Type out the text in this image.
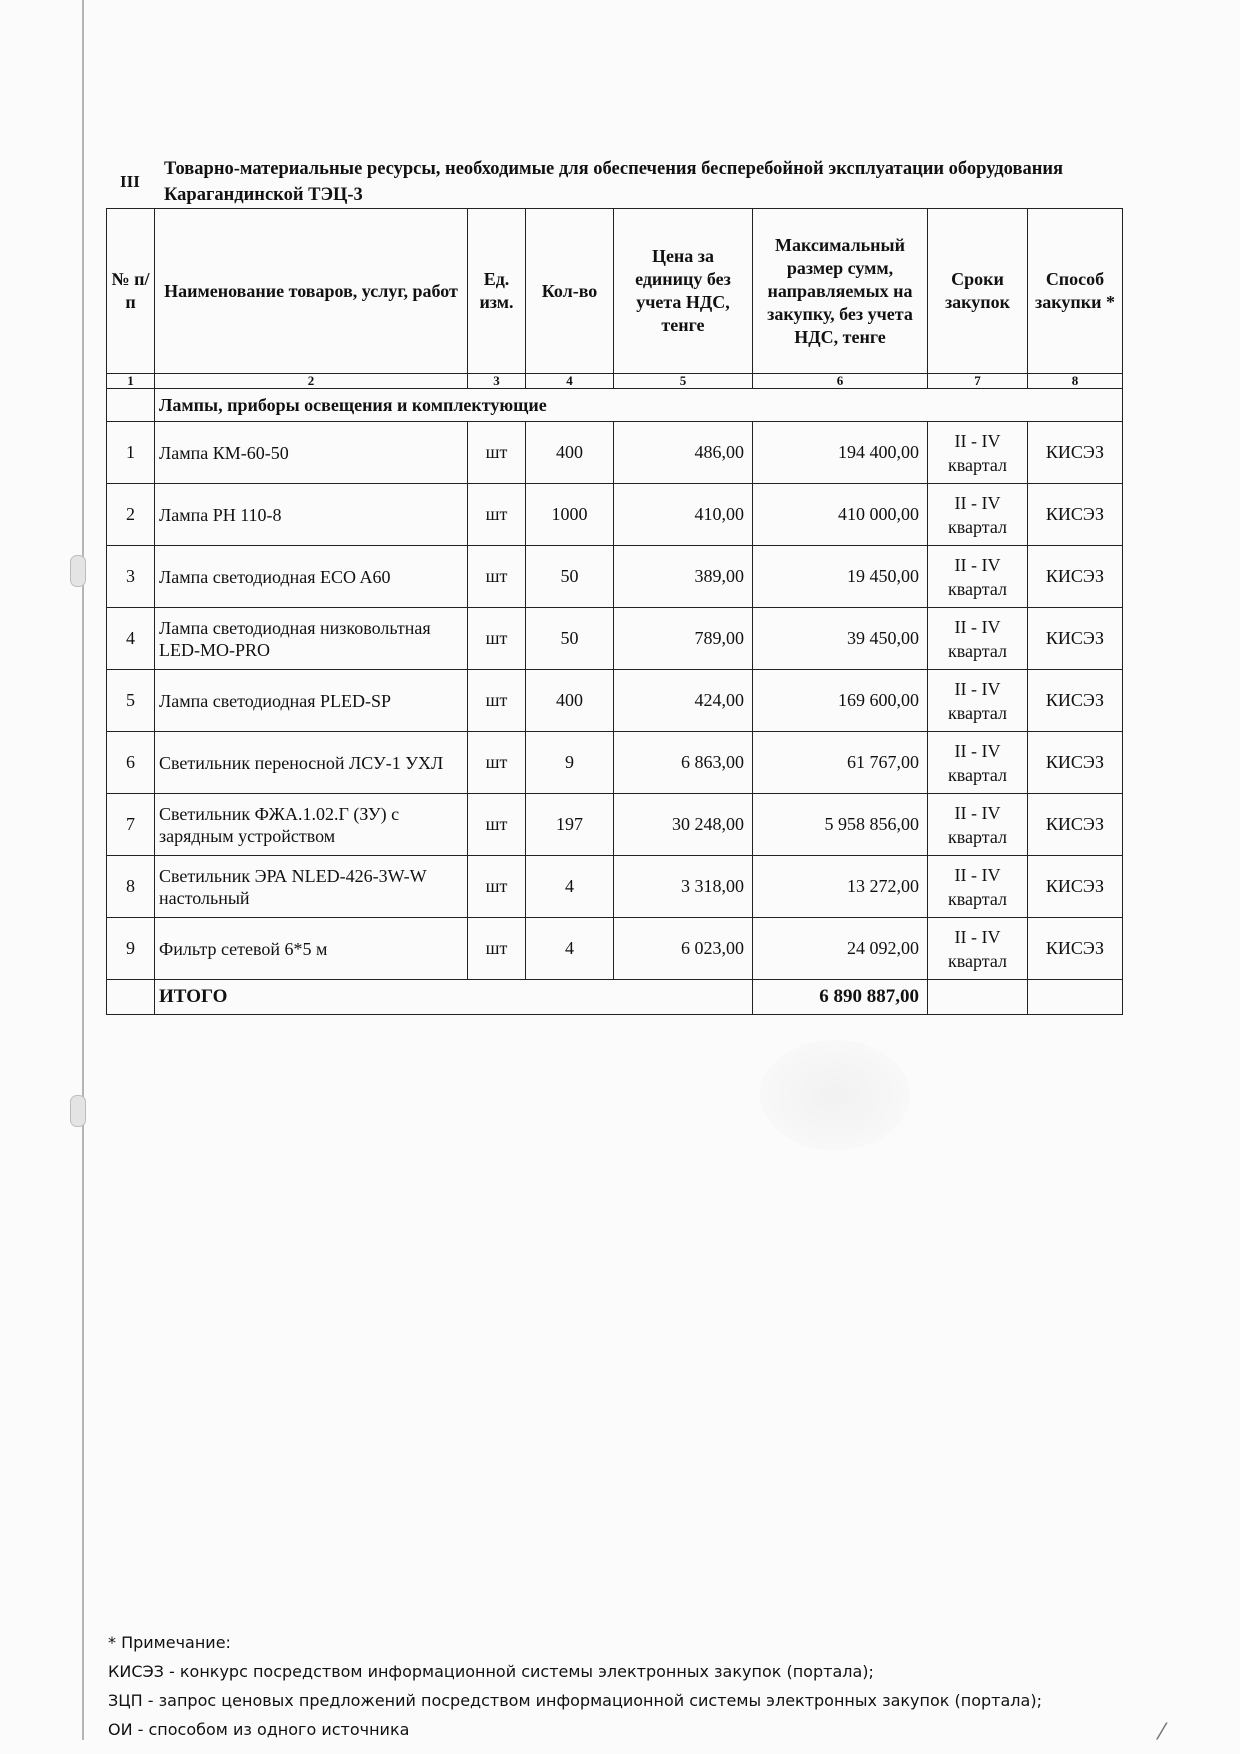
III
Товарно-материальные ресурсы, необходимые для обеспечения бесперебойной эксплуатации оборудования Карагандинской ТЭЦ-3
№ п/п	Наименование товаров, услуг, работ	Ед. изм.	Кол-во	Цена за единицу без учета НДС, тенге	Максимальный размер сумм, направляемых на закупку, без учета НДС, тенге	Сроки закупок	Способ закупки *
1	2	3	4	5	6	7	8
	Лампы, приборы освещения и комплектующие						
1	Лампа КМ-60-50	шт	400	486,00	194 400,00	II - IV квартал	КИСЭЗ
2	Лампа РН 110-8	шт	1000	410,00	410 000,00	II - IV квартал	КИСЭЗ
3	Лампа светодиодная ECO A60	шт	50	389,00	19 450,00	II - IV квартал	КИСЭЗ
4	Лампа светодиодная низковольтная LED-MO-PRO	шт	50	789,00	39 450,00	II - IV квартал	КИСЭЗ
5	Лампа светодиодная PLED-SP	шт	400	424,00	169 600,00	II - IV квартал	КИСЭЗ
6	Светильник переносной ЛСУ-1 УХЛ	шт	9	6 863,00	61 767,00	II - IV квартал	КИСЭЗ
7	Светильник ФЖА.1.02.Г (ЗУ) с зарядным устройством	шт	197	30 248,00	5 958 856,00	II - IV квартал	КИСЭЗ
8	Светильник ЭРА NLED-426-3W-W настольный	шт	4	3 318,00	13 272,00	II - IV квартал	КИСЭЗ
9	Фильтр сетевой 6*5 м	шт	4	6 023,00	24 092,00	II - IV квартал	КИСЭЗ
	ИТОГО				6 890 887,00		
* Примечание:
КИСЭЗ - конкурс посредством информационной системы электронных закупок (портала);
ЗЦП - запрос ценовых предложений посредством информационной системы электронных закупок (портала);
ОИ - способом из одного источника	⁄
